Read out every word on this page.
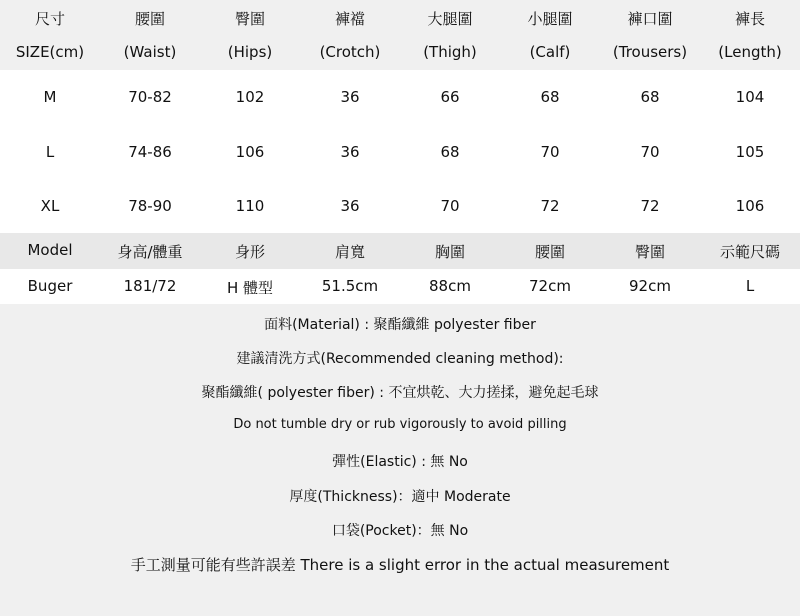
尺寸	腰圍	臀圍	褲襠	大腿圍	小腿圍	褲口圍	褲長
SIZE(cm)	(Waist)	(Hips)	(Crotch)	(Thigh)	(Calf)	(Trousers)	(Length)
M	70-82	102	36	66	68	68	104
L	74-86	106	36	68	70	70	105
XL	78-90	110	36	70	72	72	106
Model	身高/體重	身形	肩寬	胸圍	腰圍	臀圍	示範尺碼
Buger	181/72	H 體型	51.5cm	88cm	72cm	92cm	L
面料(Material) : 聚酯纖維 polyester fiber
建議清洗方式(Recommended cleaning method):
聚酯纖維( polyester fiber) : 不宜烘乾、大力搓揉，避免起毛球
Do not tumble dry or rub vigorously to avoid pilling
彈性(Elastic) : 無 No
厚度(Thickness)：適中 Moderate
口袋(Pocket)：無 No
手工測量可能有些許誤差 There is a slight error in the actual measurement
